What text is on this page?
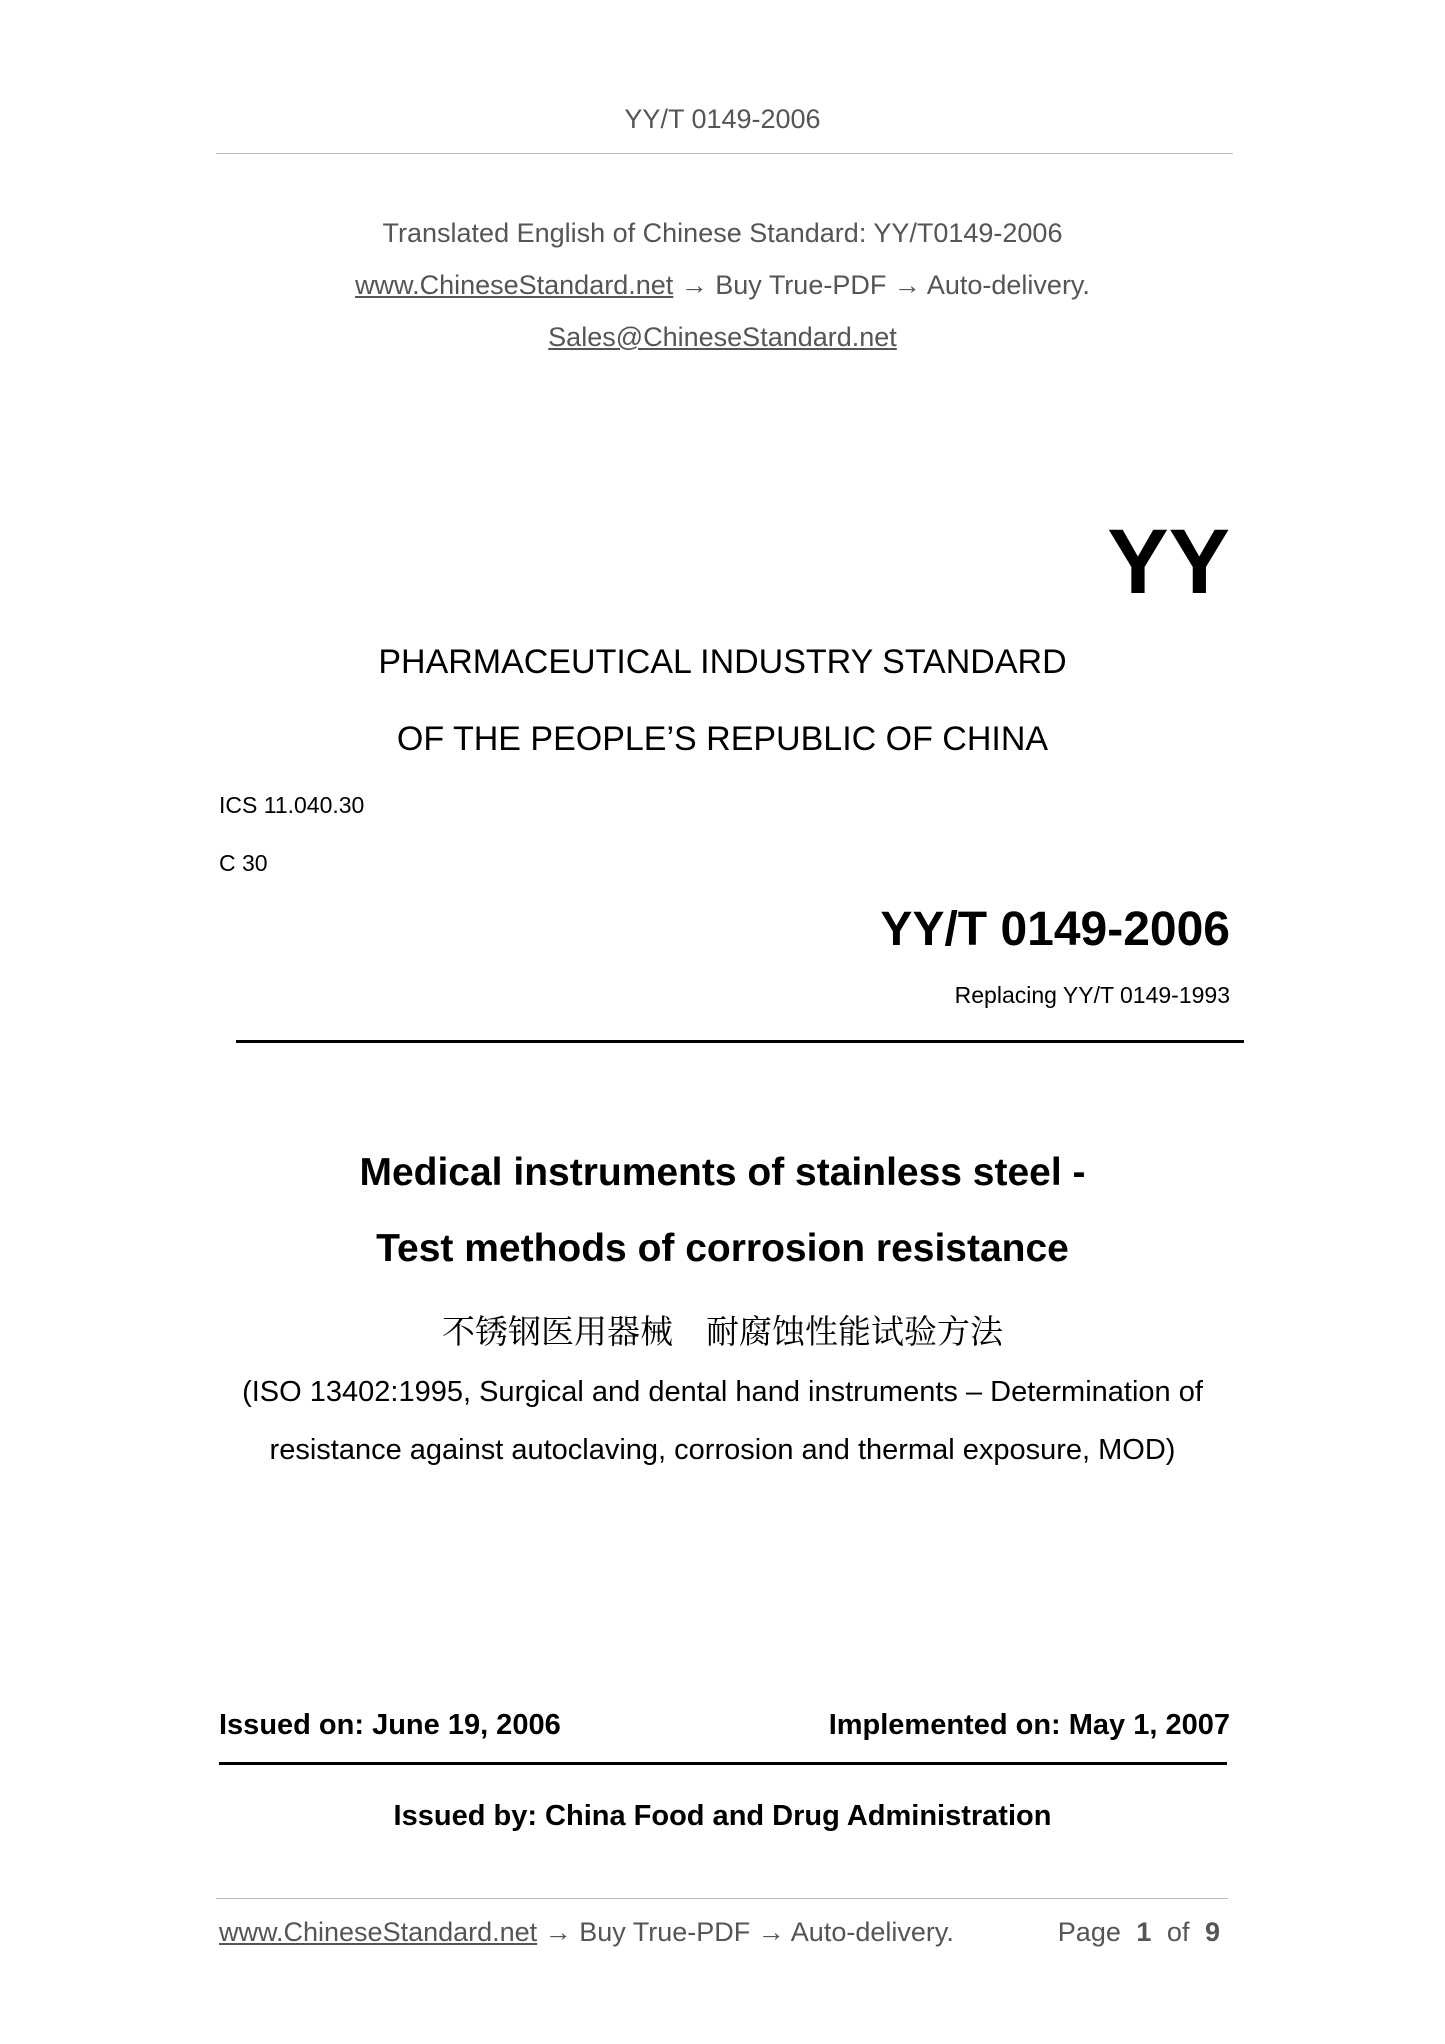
YY/T 0149-2006
Translated English of Chinese Standard: YY/T0149-2006
www.ChineseStandard.net → Buy True-PDF → Auto-delivery.
Sales@ChineseStandard.net
YY
PHARMACEUTICAL INDUSTRY STANDARD
OF THE PEOPLE’S REPUBLIC OF CHINA
ICS 11.040.30
C 30
YY/T 0149-2006
Replacing YY/T 0149-1993
Medical instruments of stainless steel -
Test methods of corrosion resistance
不锈钢医用器械　耐腐蚀性能试验方法
(ISO 13402:1995, Surgical and dental hand instruments – Determination of
resistance against autoclaving, corrosion and thermal exposure, MOD)
Issued on: June 19, 2006	Implemented on: May 1, 2007
Issued by: China Food and Drug Administration
www.ChineseStandard.net → Buy True-PDF → Auto-delivery.	Page 1 of 9
